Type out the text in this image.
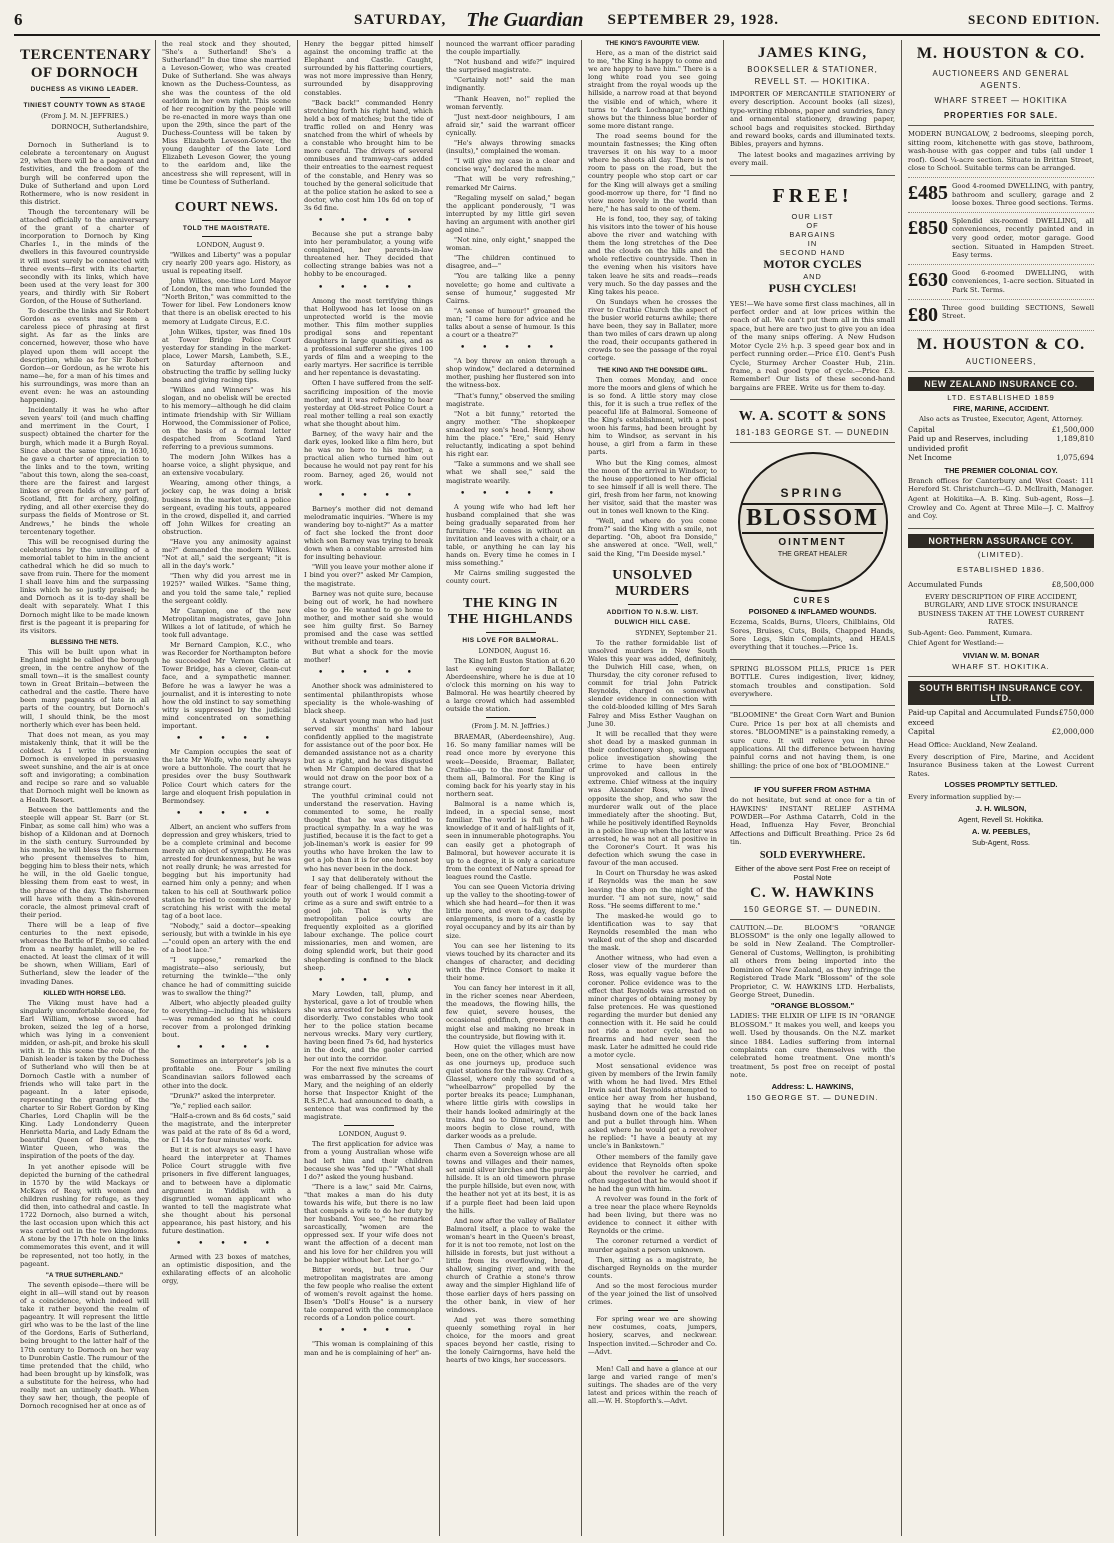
6	SATURDAY, The Guardian SEPTEMBER 29, 1928.	SECOND EDITION.
TERCENTENARY OF DORNOCH
DUCHESS AS VIKING LEADER.
TINIEST COUNTY TOWN AS STAGE
(From J. M. N. JEFFRIES.)

DORNOCH, Sutherlandshire, August 9.

Dornoch in Sutherland is to celebrate a tercentenary on August 29, when there will be a pageant and festivities, and the freedom of the burgh will be conferred upon the Duke of Sutherland and upon Lord Rothermere, who is now resident in this district.

Though the tercentenary will be attached officially to the anniversary of the grant of a charter of incorporation to Dornoch by King Charles I., in the minds of the dwellers in this favoured countryside it will most surely be connected with three events—first with its charter, secondly with its links, which have been used at the very least for 300 years, and thirdly with Sir Robert Gordon, of the House of Sutherland.

To describe the links and Sir Robert Gordon as events may seem a careless piece of phrasing at first sight. As far as the links are concerned, however, those who have played upon them will accept the description, while as for Sir Robert Gordon—or Gordoun, as he wrote his name—he, for a man of his times and his surroundings, was more than an event even: he was an astounding happening.

Incidentally it was he who after seven years' toil (and much chaffing and merriment in the Court, I suspect) obtained the charter for the burgh, which made it a Burgh Royal. Since about the same time, in 1630, he gave a charter of appreciation to the links and to the town, writing "about this town, along the sea-coast, there are the fairest and largest linkes or green fields of any part of Scotland, fitt for archery, golfing, ryding, and all other exercise they do surpass the fields of Montrose or St. Andrews," he binds the whole tercentenary together.

This will be recognised during the celebrations by the unveiling of a memorial tablet to him in the ancient cathedral which he did so much to save from ruin. There for the moment I shall leave him and the surpassing links which he so justly praised; he and Dornoch as it is to-day shall be dealt with separately. What I this Dornoch might like to be made known first is the pageant it is preparing for its visitors.

BLESSING THE NETS.

This will be built upon what in England might be called the borough green, in the centre anyhow of the small town—it is the smallest county town in Great Britain—between the cathedral and the castle. There have been many pageants of late in all parts of the country, but Dornoch's will, I should think, be the most northerly which ever has been held.

That does not mean, as you may mistakenly think, that it will be the coldest. As I write this evening Dornoch is enveloped in persuasive sweet sunshine, and the air is at once soft and invigorating; a combination and recipe so rare and so valuable that Dornoch might well be known as a Health Resort.

Between the battlements and the steeple will appear St. Barr (or St. Finbar, as some call him) who was a bishop of a Kildonan and at Dornoch in the sixth century. Surrounded by his monks, he will bless the fishermen who present themselves to him, begging him to bless their nets, which he will, in the old Gaelic tongue, blessing them from east to west, in the phrase of the day. The fishermen will have with them a skin-covered coracle, the almost primeval craft of their period.

There will be a leap of five centuries to the next episode, whereas the Battle of Embo, so called from a nearby hamlet, will be re-enacted. At least the climax of it will be shown, when William, Earl of Sutherland, slew the leader of the invading Danes.

KILLED WITH HORSE LEG.

The Viking must have had a singularly uncomfortable decease, for Earl William, whose sword had broken, seized the leg of a horse, which was lying in a convenient midden, or ash-pit, and broke his skull with it. In this scene the role of the Danish leader is taken by the Duchess of Sutherland who will then be at Dornoch Castle with a number of friends who will take part in the pageant. In a later episode, representing the granting of the charter to Sir Robert Gordon by King Charles, Lord Chaplin will be the King. Lady Londonderry Queen Henrietta Maria, and Lady Ednam the beautiful Queen of Bohemia, the Winter Queen, who was the inspiration of the poets of the day.

In yet another episode will be depicted the burning of the cathedral in 1570 by the wild Mackays or McKays of Reay, with women and children rushing for refuge, as they did then, into cathedral and castle. In 1722 Dornoch, also burned a witch, the last occasion upon which this act was carried out in the two kingdoms. A stone by the 17th hole on the links commemorates this event, and it will be represented, not too hotly, in the pageant.

"A TRUE SUTHERLAND."

The seventh episode—there will be eight in all—will stand out by reason of a coincidence, which indeed will take it rather beyond the realm of pageantry. It will represent the little girl who was to be the last of the line of the Gordons, Earls of Sutherland, being brought to the latter half of the 17th century to Dornoch on her way to Dunrobin Castle. The rumour of the time pretended that the child, who had been brought up by kinsfolk, was a substitute for the heiress, who had really met an untimely death. When they saw her, though, the people of Dornoch recognised her at once as of

the real stock and they shouted, "She's a Sutherland! She's a Sutherland!" In due time she married a Leveson-Gower, who was created Duke of Sutherland. She was always known as the Duchess-Countess, as she was the countess of the old earldom in her own right. This scene of her recognition by the people will be re-enacted in more ways than one upon the 29th, since the part of the Duchess-Countess will be taken by Miss Elizabeth Leveson-Gower, the young daughter of the late Lord Elizabeth Leveson Gower, the young to the earldom and, like the ancestress she will represent, will in time be Countess of Sutherland.

COURT NEWS.
TOLD THE MAGISTRATE.

LONDON, August 9.

"Wilkes and Liberty" was a popular cry nearly 200 years ago. History, as usual is repeating itself.

John Wilkes, one-time Lord Mayor of London, the man who founded the "North Briton," was committed to the Tower for libel. Few Londoners know that there is an obelisk erected to his memory at Ludgate Circus, E.C.

John Wilkes, tipster, was fined 10s at Tower Bridge Police Court yesterday for standing in the market-place, Lower Marsh, Lambeth, S.E., on Saturday afternoon and obstructing the traffic by selling lucky beans and giving racing tips.

"Wilkes and Winners" was his slogan, and no obelisk will be erected to his memory—although he did claim intimate friendship with Sir William Horwood, the Commissioner of Police, on the basis of a formal letter despatched from Scotland Yard referring to a previous summons.

The modern John Wilkes has a hoarse voice, a slight physique, and an extensive vocabulary.

Wearing, among other things, a jockey cap, he was doing a brisk business in the market until a police sergeant, evading his touts, appeared in the crowd, dispelled it, and carried off John Wilkes for creating an obstruction.

"Have you any animosity against me?" demanded the modern Wilkes. "Not at all," said the sergeant; "it is all in the day's work."

"Then why did you arrest me in 1925?" wailed Wilkes. "Same thing, and you told the same tale," replied the sergeant coldly.

Mr Campion, one of the new Metropolitan magistrates, gave John Wilkes a lot of latitude, of which he took full advantage.

Mr Bernard Campion, K.C., who was Recorder for Northampton before he succeeded Mr Vernon Gattie at Tower Bridge, has a clever, clean-cut face, and a sympathetic manner. Before he was a lawyer he was a journalist, and it is interesting to note how the old instinct to say something witty is suppressed by the judicial mind concentrated on something important.

• • • • •

Mr Campion occupies the seat of the late Mr Wolfe, who nearly always wore a buttonhole. The court that he presides over the busy Southwark Police Court which caters for the large and eloquent Irish population in Bermondsey.

• • • • •

Albert, an ancient who suffers from depression and grey whiskers, tried to be a complete criminal and become merely an object of sympathy. He was arrested for drunkenness, but he was not really drunk; he was arrested for begging but his importunity had earned him only a penny; and when taken to his cell at Southwark police station he tried to commit suicide by scratching his wrist with the metal tag of a boot lace.

"Nobody," said a doctor—speaking seriously, but with a twinkle in his eye—"could open an artery with the end of a boot lace."

"I suppose," remarked the magistrate—also seriously, but returning the twinkle—"the only chance he had of committing suicide was to swallow the thing?"

Albert, who abjectly pleaded guilty to everything—including his whiskers—was remanded so that he could recover from a prolonged drinking bout.

• • • • •

Sometimes an interpreter's job is a profitable one. Four smiling Scandinavian sailors followed each other into the dock.

"Drunk?" asked the interpreter.

"Ye," replied each sailor.

"Half-a-crown and 8s 6d costs," said the magistrate, and the interpreter was paid at the rate of 8s 6d a word, or £1 14s for four minutes' work.

But it is not always so easy. I have heard the interpreter at Thames Police Court struggle with five prisoners in five different languages, and to between have a diplomatic argument in Yiddish with a disgruntled woman applicant who wanted to tell the magistrate what she thought about his personal appearance, his past history, and his future destination.

• • • • •

Armed with 23 boxes of matches, an optimistic disposition, and the exhilarating effects of an alcoholic orgy,

Henry the beggar pitted himself against the oncoming traffic at the Elephant and Castle. Caught, surrounded by his flattering courtiers, was not more impressive than Henry, surrounded by disapproving constables.

"Back back!" commanded Henry stretching forth his right hand, which held a box of matches; but the tide of traffic rolled on and Henry was snatched from the whirl of wheels by a constable who brought him to be more careful. The drivers of several omnibuses and tramway-cars added their entreaties to the earnest request of the constable, and Henry was so touched by the general solicitude that at the police station he asked to see a doctor, who cost him 10s 6d on top of 3s 6d fine.

• • • • •

Because she put a strange baby into her perambulator, a young wife complained, her parents-in-law threatened her. They decided that collecting strange babies was not a hobby to be encouraged.

• • • • •

Among the most terrifying things that Hollywood has let loose on an unprotected world is the movie mother. This film mother supplies prodigal sons and repentant daughters in large quantities, and as a professional sufferer she gives 100 yards of film and a weeping to the early martyrs. Her sacrifice is terrible and her repentance is devastating.

Often I have suffered from the self-sacrificing imposition of the movie mother, and it was refreshing to hear yesterday at Old-street Police Court a real mother telling a real son exactly what she thought about him.

Barney, of the wavy hair and the dark eyes, looked like a film hero, but he was no hero to his mother, a practical alien who turned him out because he would not pay rent for his room. Barney, aged 26, would not work.

• • • • •

Barney's mother did not demand melodramatic inquiries. "Where is my wandering boy to-night?" As a matter of fact she locked the front door which son Barney was trying to break down when a constable arrested him for insulting behaviour.

"Will you leave your mother alone if I bind you over?" asked Mr Campion, the magistrate.

Barney was not quite sure, because being out of work, he had nowhere else to go. He wanted to go home to mother, and mother said she would see him guilty first. So Barney promised and the case was settled without tremble and tears.

But what a shock for the movie mother!

• • • • •

Another shock was administered to sentimental philanthropists whose speciality is the whole-washing of black sheep.

A stalwart young man who had just served six months' hard labour confidently applied to the magistrate for assistance out of the poor box. He demanded assistance not as a charity but as a right, and he was disgusted when Mr Campion declared that he would not draw on the poor box of a strange court.

The youthful criminal could not understand the reservation. Having commented to some, he really thought that he was entitled to practical sympathy. In a way he was justified, because it is the fact to get a job-lineman's work is easier for 99 youths who have broken the law to get a job than it is for one honest boy who has never been in the dock.

I say that deliberately without the fear of being challenged. If I was a youth out of work I would commit a crime as a sure and swift entrée to a good job. That is why the metropolitan police courts are frequently exploited as a glorified labour exchange. The police court missionaries, men and women, are doing splendid work, but their good shepherding is confined to the black sheep.

• • • • •

Mary Lowden, tall, plump, and hysterical, gave a lot of trouble when she was arrested for being drunk and disorderly. Two constables who took her to the police station became nervous wrecks. Mary very curtlery, having been fined 7s 6d, had hysterics in the dock, and the gaoler carried her out into the corridor.

For the next five minutes the court was embarrassed by the screams of Mary, and the neighing of an elderly horse that Inspector Knight of the R.S.P.C.A. had announced to death, a sentence that was confirmed by the magistrate.

LONDON, August 9.

The first application for advice was from a young Australian whose wife had left him and their children because she was "fed up." "What shall I do?" asked the young husband.

"There is a law," said Mr. Cairns, "that makes a man do his duty towards his wife, but there is no law that compels a wife to do her duty by her husband. You see," he remarked sarcastically, "women are the oppressed sex. If your wife does not want the affection of a decent man and his love for her children you will be happier without her. Let her go."

Bitter words, but true. Our metropolitan magistrates are among the few people who realise the extent of women's revolt against the home. Ibsen's "Doll's House" is a nursery tale compared with the commonplace records of a London police court.

• • • • •

"This woman is complaining of this man and he is complaining of her" an-

nounced the warrant officer parading the couple impartially.

"Not husband and wife?" inquired the surprised magistrate.

"Certainly not!" said the man indignantly.

"Thank Heaven, no!" replied the woman fervently.

"Just next-door neighbours, I am afraid sir," said the warrant officer cynically.

"He's always throwing smacks (insults)," complained the woman.

"I will give my case in a clear and concise way," declared the man.

"That will be very refreshing," remarked Mr Cairns.

"Regaling myself on salad," began the applicant ponderously, "I was interrupted by my little girl seven having an argument with another girl aged nine."

"Not nine, only eight," snapped the woman.

"The children continued to disagree, and—"

"You are talking like a penny novelette; go home and cultivate a sense of humour," suggested Mr Cairns.

"A sense of humour!" groaned the man; "I came here for advice and he talks about a sense of humour. Is this a court or a theatre?"

• • • • •

"A boy threw an onion through a shop window," declared a determined mother, pushing her flustered son into the witness-box.

"That's funny," observed the smiling magistrate.

"Not a bit funny," retorted the angry mother. "The shopkeeper smacked my son's head. Henry, show him the place." "Ere," said Henry reluctantly, indicating a spot behind his right ear.

"Take a summons and we shall see what we shall see," said the magistrate wearily.

• • • • •

A young wife who had left her husband complained that she was being gradually separated from her furniture. "He comes in without an invitation and leaves with a chair, or a table, or anything he can lay his hands on. Every time he comes in I miss something."

Mr Cairns smiling suggested the county court.

THE KING IN THE HIGHLANDS
HIS LOVE FOR BALMORAL.

LONDON, August 16.

The King left Euston Station at 6.20 last evening for Ballater, Aberdeenshire, where he is due at 10 o'clock this morning on his way to Balmoral. He was heartily cheered by a large crowd which had assembled outside the station.

(From J. M. N. Jeffries.)

BRAEMAR, (Aberdeenshire), Aug. 16. So many familiar names will be read once more by everyone this week—Deeside, Braemar, Ballater, Crathie—up to the most familiar of them all, Balmoral. For the King is coming back for his yearly stay in his northern seat.

Balmoral is a name which is, indeed, in a special sense, most familiar. The world is full of half-knowledge of it and of half-lights of it, seen in innumerable photographs. You can easily get a photograph of Balmoral, but however accurate it is up to a degree, it is only a caricature from the context of Nature spread for leagues round the Castle.

You can see Queen Victoria driving up the valley to the shooting-tower of which she had heard—for then it was little more, and even to-day, despite enlargements, is more of a castle by royal occupancy and by its air than by size.

You can see her listening to its views touched by its character and its changes of character, and deciding with the Prince Consort to make it their home.

You can fancy her interest in it all, in the richer scenes near Aberdeen, the meadows, the flowing hills, the few quiet, severe houses, the occasional goldfinch, greener than might else and making no break in the countryside, but flowing with it.

How quiet the villages must have been, one on the other, which are now as one journeys up, produce such quiet stations for the railway. Crathes, Glassel, where only the sound of a "wheelbarrow" propelled by the porter breaks its peace; Lumphanan, where little girls with cowslips in their hands looked admiringly at the trains. And so to Dinnet, where the moors begin to close round, with darker woods as a prelude.

Then Cambus o' May, a name to charm even a Sovereign whose are all towns and villages and their names, set amid silver birches and the purple hillside. It is an old timeworn phrase the purple hillside, but even now, with the heather not yet at its best, it is as if a purple fleet had been laid upon the hills.

And now after the valley of Ballater Balmoral itself, a place to wake the woman's heart in the Queen's breast, for it is not too remote, not lost on the hillside in forests, but just without a little from its overflowing, broad, shallow, singing river, and with the church of Crathie a stone's throw away and the simpler Highland life of those earlier days of hers passing on the other bank, in view of her windows.

And yet was there something queenly something royal in her choice, for the moors and great spaces beyond her castle, rising to the lonely Cairngorms, have held the hearts of two kings, her successors.

THE KING'S FAVOURITE VIEW.

Here, as a man of the district said to me, "the King is happy to come and we are happy to have him." There is a long white road you see going straight from the royal woods up the hillside, a narrow road at that beyond the visible end of which, where it turns to "dark Lochnagar," nothing shows but the thinness blue border of some more distant range.

The road seems bound for the mountain fastnesses; the King often traverses it on his way to a moor where he shoots all day. There is not room to pass on the road, but the country people who stop cart or car for the King will always get a smiling good-morrow up there, for "I find no view more lovely in the world than here," he has said to one of them.

He is fond, too, they say, of taking his visitors into the tower of his house above the river and watching with them the long stretches of the Dee and the clouds on the hills and the whole reflective countryside. Then in the evening when his visitors have taken leave he sits and reads—reads very much. So the day passes and the King takes his peace.

On Sundays when he crosses the river to Crathie Church the aspect of the busier world returns awhile; there have been, they say in Ballater, more than two miles of cars drawn up along the road, their occupants gathered in crowds to see the passage of the royal cortege.

THE KING AND THE DONSIDE GIRL.

Then comes Monday, and once more the moors and glens of which he is so fond. A little story may close this, for it is such a true reflex of the peaceful life at Balmoral. Someone of the King's establishment, with a post woon his farms, had been brought by him to Windsor, as servant in his house, a girl from a farm in these parts.

Who but the King comes, almost the moon of the arrival in Windsor, to the house apportioned to her official to see himself if all is well there. The girl, fresh from her farm, not knowing her visitor, said that the master was out in tones well known to the King.

"Well, and where do you come from?" said the King with a smile, not departing. "Oh, aboot fra Donside," she answered at once. "Well, well," said the King, "I'm Deeside mysel."

UNSOLVED MURDERS
ADDITION TO N.S.W. LIST.
DULWICH HILL CASE.

SYDNEY, September 21.

To the rather formidable list of unsolved murders in New South Wales this year was added, definitely, the Dulwich Hill case, when, on Thursday, the city coroner refused to commit for trial John Patrick Reynolds, charged on somewhat slender evidence in connection with the cold-blooded killing of Mrs Sarah Falrey and Miss Esther Vaughan on June 30.

It will be recalled that they were shot dead by a masked gunman in their confectionery shop, subsequent police investigation showing the crime to have been entirely unprovoked and callous in the extreme. Chief witness at the inquiry was Alexander Ross, who lived opposite the shop, and who saw the murderer walk out of the place immediately after the shooting. But, while he positively identified Reynolds in a police line-up when the latter was arrested, he was not at all positive in the Coroner's Court. It was his defection which swung the case in favour of the man accused.

In Court on Thursday he was asked if Reynolds was the man he saw leaving the shop on the night of the murder. "I am not sure, now," said Ross. "He seems different to me."

The masked-he would go to identification was to say that Reynolds resembled the man who walked out of the shop and discarded the mask.

Another witness, who had even a closer view of the murderer than Ross, was equally vague before the coroner. Police evidence was to the effect that Reynolds was arrested on minor charges of obtaining money by false pretences. He was questioned regarding the murder but denied any connection with it. He said he could not ride a motor cycle, had no firearms and had never seen the mask. Later he admitted he could ride a motor cycle.

Most sensational evidence was given by members of the Irwin family with whom he had lived. Mrs Ethel Irwin said that Reynolds attempted to entice her away from her husband, saying that he would take her husband down one of the back lanes and put a bullet through him. When asked where he would get a revolver he replied: "I have a beauty at my uncle's in Bankstown."

Other members of the family gave evidence that Reynolds often spoke about the revolver he carried, and often suggested that he would shoot if he had the gun with him.

A revolver was found in the fork of a tree near the place where Reynolds had been living, but there was no evidence to connect it either with Reynolds or the crime.

The coroner returned a verdict of murder against a person unknown.

Then, sitting as a magistrate, he discharged Reynolds on the murder counts.

And so the most ferocious murder of the year joined the list of unsolved crimes.

For spring wear we are showing new costumes, coats, jumpers, hosiery, scarves, and neckwear. Inspection invited.—Schroder and Co.—Advt.

Men! Call and have a glance at our large and varied range of men's suitings. The shades are of the very latest and prices within the reach of all.—W. H. Stopforth's.—Advt.

JAMES KING,
BOOKSELLER & STATIONER,
REVELL ST. — HOKITIKA.

IMPORTER OF MERCANTILE STATIONERY of every description. Account books (all sizes), type-writing ribbons, paper and sundries, fancy and ornamental stationery, drawing paper, school bags and requisites stocked. Birthday and reward books, cards and illuminated texts. Bibles, prayers and hymns.

The latest books and magazines arriving by every mail.

FREE!
OUR LIST
OF
BARGAINS
IN
SECOND HAND
MOTOR CYCLES
AND
PUSH CYCLES!

YES!—We have some first class machines, all in perfect order and at low prices within the reach of all. We can't put them all in this small space, but here are two just to give you an idea of the many snips offering. A New Hudson Motor Cycle 2½ h.p. 3 speed gear box and in perfect running order.—Price £10. Gent's Push Cycle, Sturmey Archer Coaster Hub, 21in. frame, a real good type of cycle.—Price £3. Remember! Our lists of these second-hand bargains are FREE. Write us for them to-day.

W. A. SCOTT & SONS
181-183 GEORGE ST. — DUNEDIN
SPRING
BLOSSOM
OINTMENT
THE GREAT HEALER
CURES
POISONED & INFLAMED WOUNDS.

Eczema, Scalds, Burns, Ulcers, Chilblains, Old Sores, Bruises, Cuts, Boils, Chapped Hands, Sore Legs, Skin Complaints, and HEALS everything that it touches.—Price 1s.

SPRING BLOSSOM PILLS, PRICE 1s PER BOTTLE. Cures indigestion, liver, kidney, stomach troubles and constipation. Sold everywhere.

"BLOOMINE" the Great Corn Wart and Bunion Cure. Price 1s per box at all chemists and stores. "BLOOMINE" is a painstaking remedy, a sure cure. It will relieve you in three applications. All the difference between having painful corns and not having them, is one shilling: the price of one box of "BLOOMINE."

IF YOU SUFFER FROM ASTHMA

do not hesitate, but send at once for a tin of HAWKINS' INSTANT RELIEF ASTHMA POWDER—For Asthma Catarrh, Cold in the Head, Influenza Hay Fever, Bronchial Affections and Difficult Breathing. Price 2s 6d tin.

SOLD EVERYWHERE.
Either of the above sent Post Free on receipt of Postal Note
C. W. HAWKINS
150 GEORGE ST. — DUNEDIN.

CAUTION.—Dr. BLOOM'S "ORANGE BLOSSOM" is the only one legally allowed to be sold in New Zealand. The Comptroller-General of Customs, Wellington, is prohibiting all others from being imported into the Dominion of New Zealand, as they infringe the Registered Trade Mark "Blossom" of the sole Proprietor, C. W. HAWKINS LTD. Herbalists, George Street, Dunedin.

"ORANGE BLOSSOM."

LADIES: THE ELIXIR OF LIFE IS IN "ORANGE BLOSSOM." It makes you well, and keeps you well. Used by thousands. On the N.Z. market since 1884. Ladies suffering from internal complaints can cure themselves with the celebrated home treatment. One month's treatment, 5s post free on receipt of postal note.

Address: L. HAWKINS,
150 GEORGE ST. — DUNEDIN.
M. HOUSTON & CO.
AUCTIONEERS AND GENERAL
AGENTS.
WHARF STREET — HOKITIKA
PROPERTIES FOR SALE.

MODERN BUNGALOW, 2 bedrooms, sleeping porch, sitting room, kitchenette with gas stove, bathroom, wash-house with gas copper and tubs (all under 1 roof). Good ¼-acre section. Situate in Brittan Street, close to School. Suitable terms can be arranged.

£485 Good 4-roomed DWELLING, with pantry, bathroom and scullery, garage and 2 loose boxes. Three good sections. Terms.

£850 Splendid six-roomed DWELLING, all conveniences, recently painted and in very good order, motor garage. Good section. Situated in Hampden Street. Easy terms.

£630 Good 6-roomed DWELLING, with conveniences, 1-acre section. Situated in Park St. Terms.

£80 Three good building SECTIONS, Sewell Street.

M. HOUSTON & CO.
AUCTIONEERS,
NEW ZEALAND INSURANCE CO.
LTD. ESTABLISHED 1859
FIRE, MARINE, ACCIDENT.

Also acts as Trustee, Executor, Agent, Attorney.

Capital	£1,500,000
Paid up and Reserves, including undivided profit
1,189,810
Net Income	1,075,694
THE PREMIER COLONIAL COY.

Branch offices for Canterbury and West Coast: 111 Hereford St. Christchurch—G. D. McIlraith, Manager.

Agent at Hokitika—A. B. King. Sub-agent, Ross—J. Crowley and Co. Agent at Three Mile—J. C. Malfroy and Coy.

NORTHERN ASSURANCE COY.
(LIMITED).
ESTABLISHED 1836.
Accumulated Funds	£8,500,000

EVERY DESCRIPTION OF FIRE ACCIDENT, BURGLARY, AND LIVE STOCK INSURANCE BUSINESS TAKEN AT THE LOWEST CURRENT RATES.

Sub-Agent: Geo. Pamment, Kumara.

Chief Agent for Westland:—

VIVIAN W. M. BONAR
WHARF ST. HOKITIKA.
SOUTH BRITISH INSURANCE COY. LTD.
Paid-up Capital and Accumulated Funds exceed
£750,000
Capital	£2,000,000

Head Office: Auckland, New Zealand.

Every description of Fire, Marine, and Accident Insurance Business taken at the Lowest Current Rates.

LOSSES PROMPTLY SETTLED.

Every information supplied by:—

J. H. WILSON,
Agent, Revell St. Hokitika.
A. W. PEEBLES,
Sub-Agent, Ross.
